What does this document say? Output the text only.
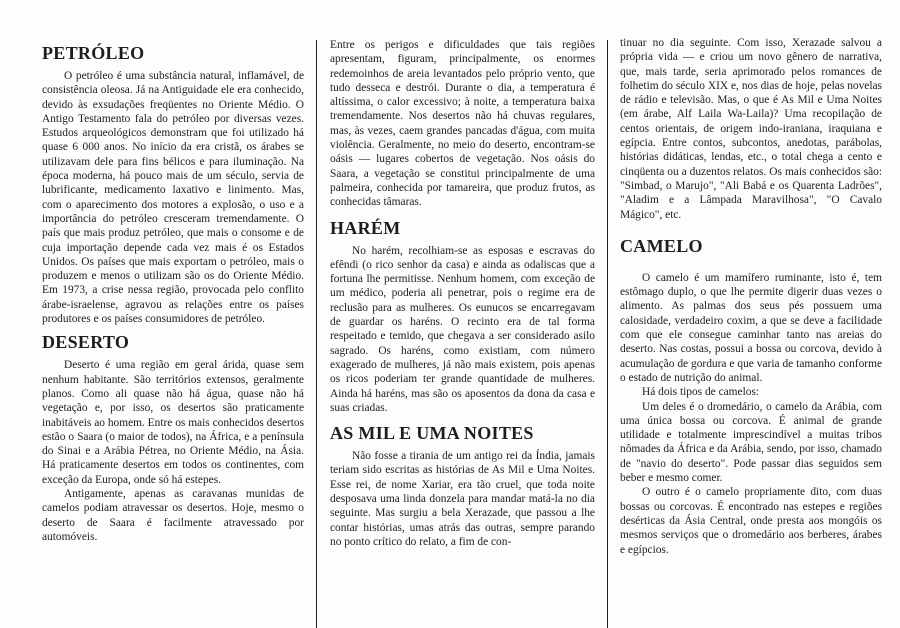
PETRÓLEO

O petróleo é uma substância natural, inflamável, de consistência oleosa. Já na Antiguidade ele era conhecido, devido às exsudações freqüentes no Oriente Médio. O Antigo Testamento fala do petróleo por diversas vezes. Estudos arqueológicos demonstram que foi utilizado há quase 6 000 anos. No início da era cristã, os árabes se utilizavam dele para fins bélicos e para iluminação. Na época moderna, há pouco mais de um século, servia de lubrificante, medicamento laxativo e linimento. Mas, com o aparecimento dos motores a explosão, o uso e a importância do petróleo cresceram tremendamente. O país que mais produz petróleo, que mais o consome e de cuja importação depende cada vez mais é os Estados Unidos. Os países que mais exportam o petróleo, mais o produzem e menos o utilizam são os do Oriente Médio. Em 1973, a crise nessa região, provocada pelo conflito árabe-israelense, agravou as relações entre os países produtores e os países consumidores de petróleo.

DESERTO

Deserto é uma região em geral árida, quase sem nenhum habitante. São territórios extensos, geralmente planos. Como ali quase não há água, quase não há vegetação e, por isso, os desertos são praticamente inabitáveis ao homem. Entre os mais conhecidos desertos estão o Saara (o maior de todos), na África, e a península do Sinai e a Arábia Pétrea, no Oriente Médio, na Ásia. Há praticamente desertos em todos os continentes, com exceção da Europa, onde só há estepes.

Antigamente, apenas as caravanas munidas de camelos podiam atravessar os desertos. Hoje, mesmo o deserto de Saara é facilmente atravessado por automóveis.

Entre os perigos e dificuldades que tais regiões apresentam, figuram, principalmente, os enormes redemoinhos de areia levantados pelo próprio vento, que tudo desseca e destrói. Durante o dia, a temperatura é altíssima, o calor excessivo; à noite, a temperatura baixa tremendamente. Nos desertos não há chuvas regulares, mas, às vezes, caem grandes pancadas d'água, com muita violência. Geralmente, no meio do deserto, encontram-se oásis — lugares cobertos de vegetação. Nos oásis do Saara, a vegetação se constitui principalmente de uma palmeira, conhecida por tamareira, que produz frutos, as conhecidas tâmaras.

HARÉM

No harém, recolhiam-se as esposas e escravas do efêndi (o rico senhor da casa) e ainda as odaliscas que a fortuna lhe permitisse. Nenhum homem, com exceção de um médico, poderia ali penetrar, pois o regime era de reclusão para as mulheres. Os eunucos se encarregavam de guardar os haréns. O recinto era de tal forma respeitado e temido, que chegava a ser considerado asilo sagrado. Os haréns, como existiam, com número exagerado de mulheres, já não mais existem, pois apenas os ricos poderiam ter grande quantidade de mulheres. Ainda há haréns, mas são os aposentos da dona da casa e suas criadas.

AS MIL E UMA NOITES

Não fosse a tirania de um antigo rei da Índia, jamais teriam sido escritas as histórias de As Mil e Uma Noites. Esse rei, de nome Xariar, era tão cruel, que toda noite desposava uma linda donzela para mandar matá-la no dia seguinte. Mas surgiu a bela Xerazade, que passou a lhe contar histórias, umas atrás das outras, sempre parando no ponto crítico do relato, a fim de con-

tinuar no dia seguinte. Com isso, Xerazade salvou a própria vida — e criou um novo gênero de narrativa, que, mais tarde, seria aprimorado pelos romances de folhetim do século XIX e, nos dias de hoje, pelas novelas de rádio e televisão. Mas, o que é As Mil e Uma Noites (em árabe, Alf Laila Wa-Laila)? Uma recopilação de centos orientais, de origem indo-iraniana, iraquiana e egípcia. Entre contos, subcontos, anedotas, parábolas, histórias didáticas, lendas, etc., o total chega a cento e cinqüenta ou a duzentos relatos. Os mais conhecidos são: "Simbad, o Marujo", "Ali Babá e os Quarenta Ladrões", "Aladim e a Lâmpada Maravilhosa", "O Cavalo Mágico", etc.

CAMELO

O camelo é um mamífero ruminante, isto é, tem estômago duplo, o que lhe permite digerir duas vezes o alimento. As palmas dos seus pés possuem uma calosidade, verdadeiro coxim, a que se deve a facilidade com que ele consegue caminhar tanto nas areias do deserto. Nas costas, possui a bossa ou corcova, devido à acumulação de gordura e que varia de tamanho conforme o estado de nutrição do animal.

Há dois tipos de camelos:

Um deles é o dromedário, o camelo da Arábia, com uma única bossa ou corcova. É animal de grande utilidade e totalmente imprescindível a muitas tribos nômades da África e da Arábia, sendo, por isso, chamado de "navio do deserto". Pode passar dias seguidos sem beber e mesmo comer.

O outro é o camelo propriamente dito, com duas bossas ou corcovas. É encontrado nas estepes e regiões desérticas da Ásia Central, onde presta aos mongóis os mesmos serviços que o dromedário aos berberes, árabes e egípcios.
